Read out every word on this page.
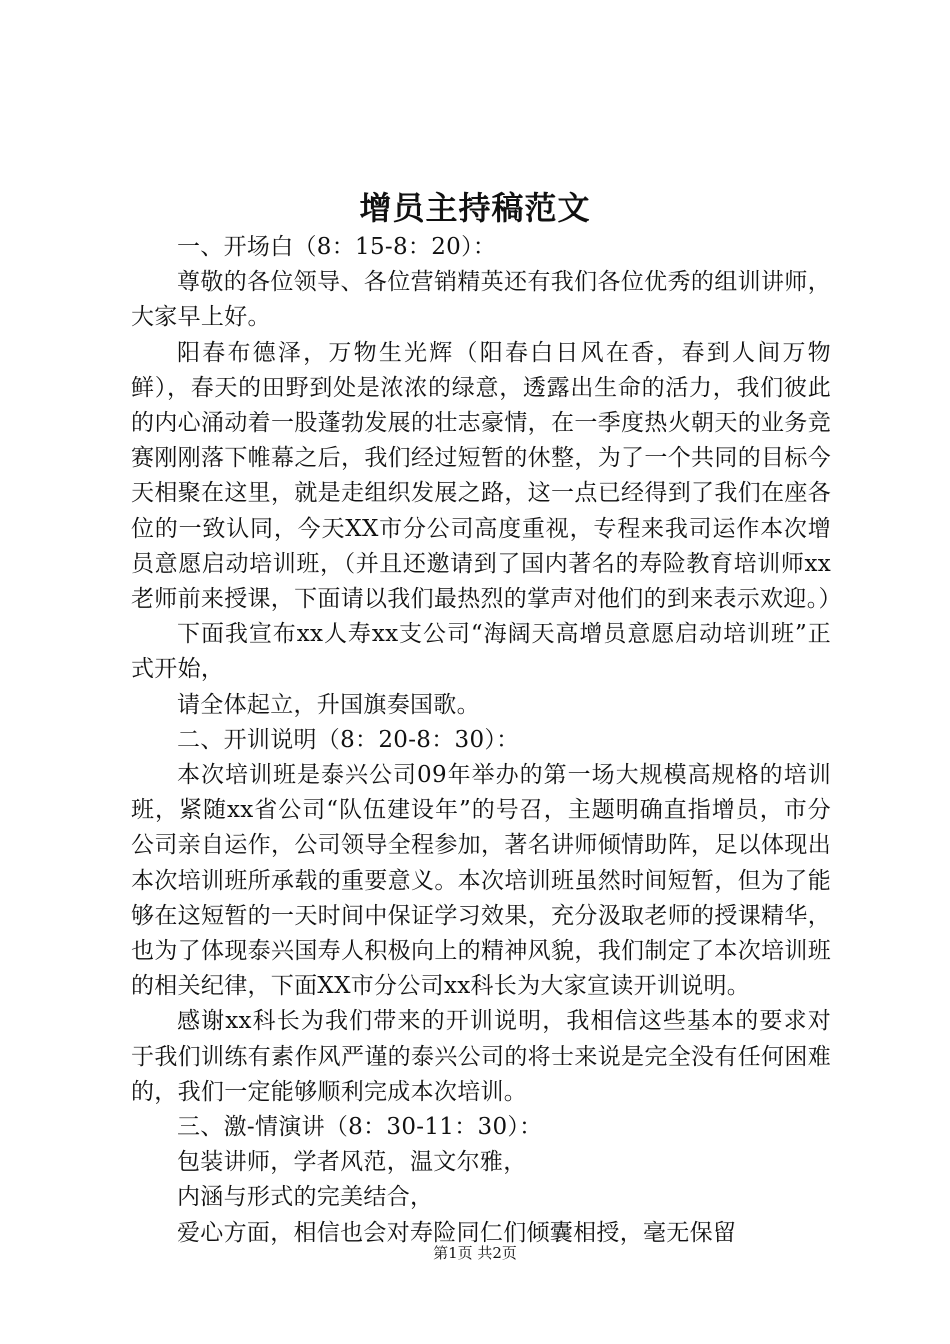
增员主持稿范文

一、开场白（8：15-8：20）：

尊敬的各位领导、各位营销精英还有我们各位优秀的组训讲师，大家早上好。

阳春布德泽，万物生光辉（阳春白日风在香，春到人间万物鲜），春天的田野到处是浓浓的绿意，透露出生命的活力，我们彼此的内心涌动着一股蓬勃发展的壮志豪情，在一季度热火朝天的业务竞赛刚刚落下帷幕之后，我们经过短暂的休整，为了一个共同的目标今天相聚在这里，就是走组织发展之路，这一点已经得到了我们在座各位的一致认同，今天XX市分公司高度重视，专程来我司运作本次增员意愿启动培训班，（并且还邀请到了国内著名的寿险教育培训师xx老师前来授课，下面请以我们最热烈的掌声对他们的到来表示欢迎。）

下面我宣布xx人寿xx支公司“海阔天高增员意愿启动培训班”正式开始，

请全体起立，升国旗奏国歌。

二、开训说明（8：20-8：30）：

本次培训班是泰兴公司09年举办的第一场大规模高规格的培训班，紧随xx省公司“队伍建设年”的号召，主题明确直指增员，市分公司亲自运作，公司领导全程参加，著名讲师倾情助阵，足以体现出本次培训班所承载的重要意义。本次培训班虽然时间短暂，但为了能够在这短暂的一天时间中保证学习效果，充分汲取老师的授课精华，也为了体现泰兴国寿人积极向上的精神风貌，我们制定了本次培训班的相关纪律，下面XX市分公司xx科长为大家宣读开训说明。

感谢xx科长为我们带来的开训说明，我相信这些基本的要求对于我们训练有素作风严谨的泰兴公司的将士来说是完全没有任何困难的，我们一定能够顺利完成本次培训。

三、激-情演讲（8：30-11：30）：

包装讲师，学者风范，温文尔雅，

内涵与形式的完美结合，

爱心方面，相信也会对寿险同仁们倾囊相授，毫无保留

第1页 共2页
